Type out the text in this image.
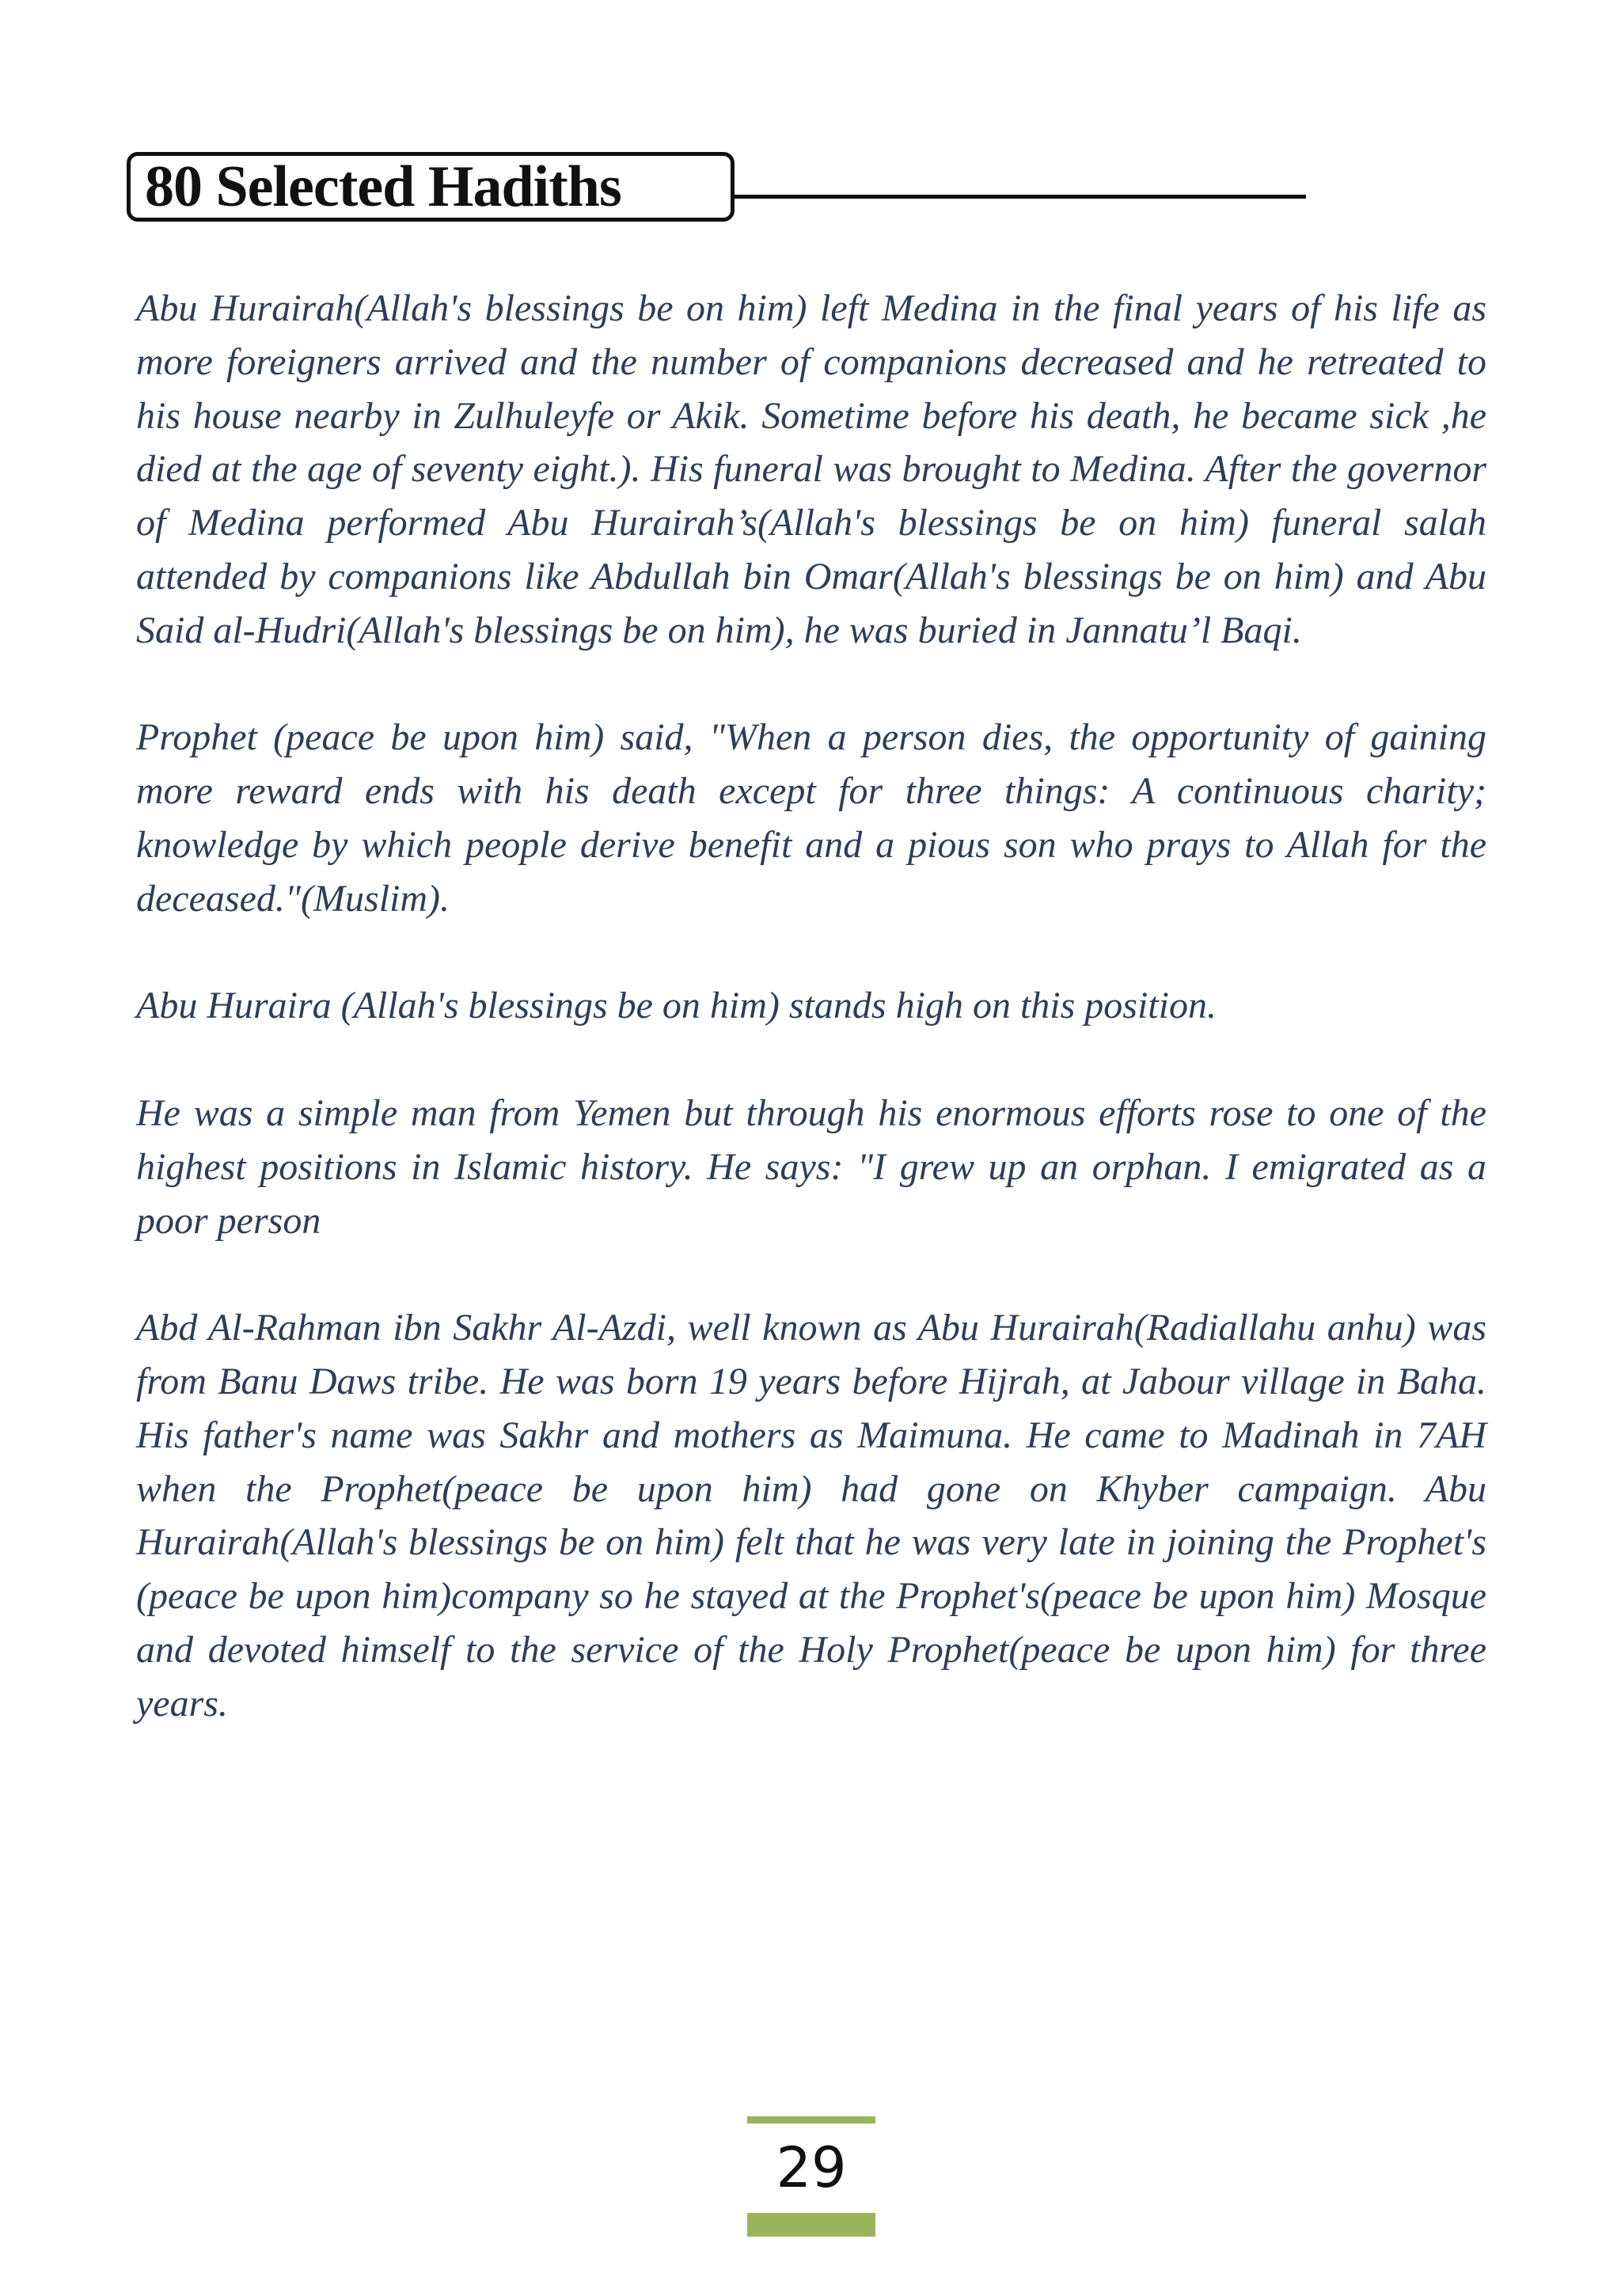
80 Selected Hadiths

Abu Hurairah(Allah's blessings be on him) left Medina in the final years of his life as more foreigners arrived and the number of companions decreased and he retreated to his house nearby in Zulhuleyfe or Akik. Sometime before his death, he became sick ,he died at the age of seventy eight.). His funeral was brought to Medina. After the governor of Medina performed Abu Hurairah’s(Allah's blessings be on him) funeral salah attended by companions like Abdullah bin Omar(Allah's blessings be on him) and Abu Said al-Hudri(Allah's blessings be on him), he was buried in Jannatu’l Baqi.

Prophet (peace be upon him) said, "When a person dies, the opportunity of gaining more reward ends with his death except for three things: A continuous charity; knowledge by which people derive benefit and a pious son who prays to Allah for the deceased."(Muslim).

Abu Huraira (Allah's blessings be on him) stands high on this position.

He was a simple man from Yemen but through his enormous efforts rose to one of the highest positions in Islamic history. He says: "I grew up an orphan. I emigrated as a poor person

Abd Al-Rahman ibn Sakhr Al-Azdi, well known as Abu Hurairah(Radiallahu anhu) was from Banu Daws tribe. He was born 19 years before Hijrah, at Jabour village in Baha. His father's name was Sakhr and mothers as Maimuna. He came to Madinah in 7AH when the Prophet(peace be upon him) had gone on Khyber campaign. Abu Hurairah(Allah's blessings be on him) felt that he was very late in joining the Prophet's (peace be upon him)company so he stayed at the Prophet's(peace be upon him) Mosque and devoted himself to the service of the Holy Prophet(peace be upon him) for three years.

29
